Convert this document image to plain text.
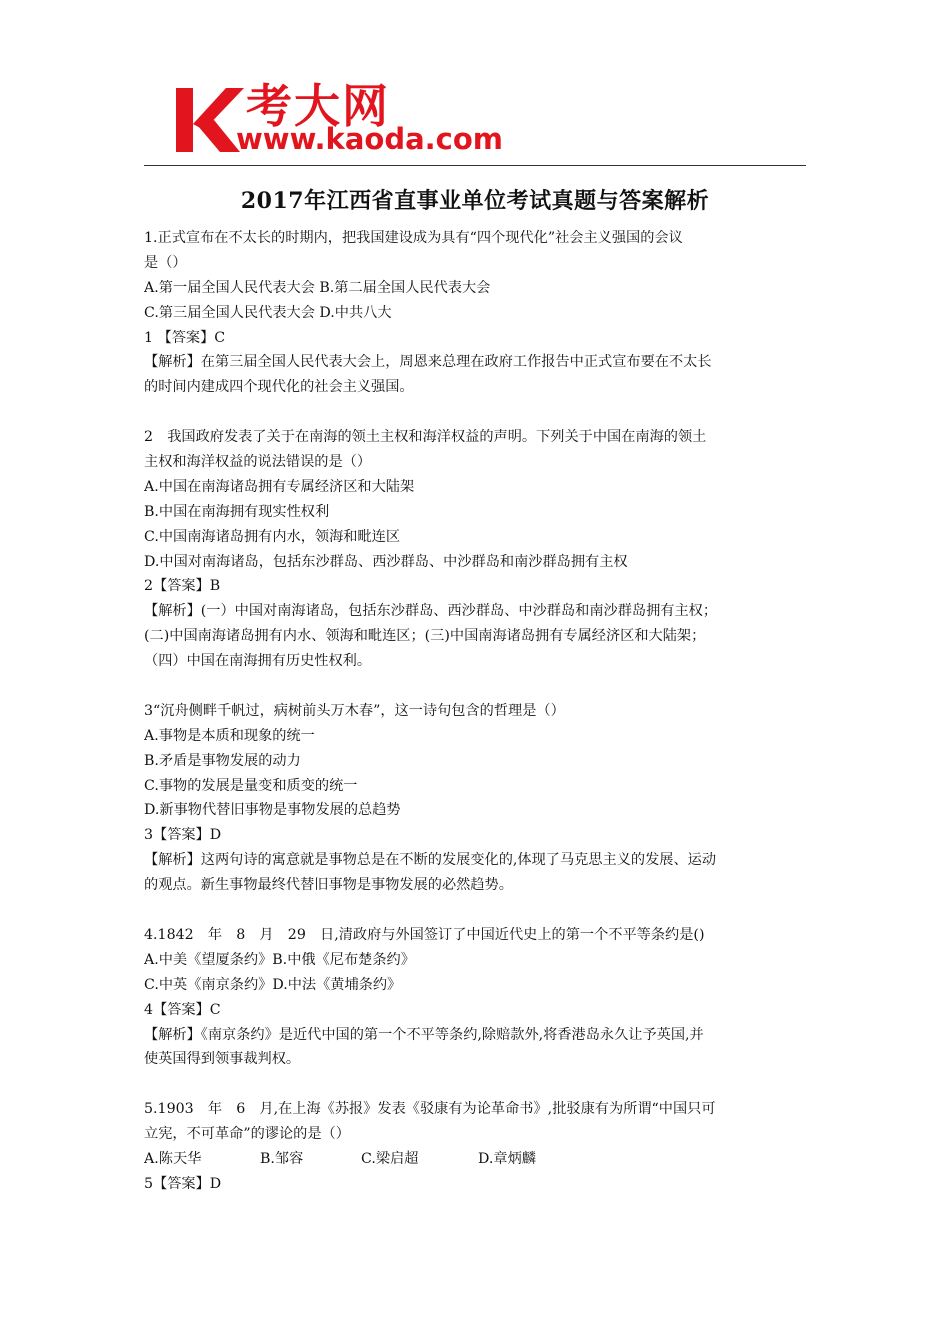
考大网
www.kaoda.com
2017年江西省直事业单位考试真题与答案解析
1.正式宣布在不太长的时期内，把我国建设成为具有“四个现代化”社会主义强国的会议
是（）
A.第一届全国人民代表大会 B.第二届全国人民代表大会
C.第三届全国人民代表大会 D.中共八大
1 【答案】C
【解析】在第三届全国人民代表大会上，周恩来总理在政府工作报告中正式宣布要在不太长
的时间内建成四个现代化的社会主义强国。
2　我国政府发表了关于在南海的领土主权和海洋权益的声明。下列关于中国在南海的领土
主权和海洋权益的说法错误的是（）
A.中国在南海诸岛拥有专属经济区和大陆架
B.中国在南海拥有现实性权利
C.中国南海诸岛拥有内水，领海和毗连区
D.中国对南海诸岛，包括东沙群岛、西沙群岛、中沙群岛和南沙群岛拥有主权
2【答案】B
【解析】(一）中国对南海诸岛，包括东沙群岛、西沙群岛、中沙群岛和南沙群岛拥有主权；
(二)中国南海诸岛拥有内水、领海和毗连区；(三)中国南海诸岛拥有专属经济区和大陆架；
（四）中国在南海拥有历史性权利。
3“沉舟侧畔千帆过，病树前头万木春”，这一诗句包含的哲理是（）
A.事物是本质和现象的统一
B.矛盾是事物发展的动力
C.事物的发展是量变和质变的统一
D.新事物代替旧事物是事物发展的总趋势
3【答案】D
【解析】这两句诗的寓意就是事物总是在不断的发展变化的,体现了马克思主义的发展、运动
的观点。新生事物最终代替旧事物是事物发展的必然趋势。
4.1842　年　8　月　29　日,清政府与外国签订了中国近代史上的第一个不平等条约是()
A.中美《望厦条约》B.中俄《尼布楚条约》
C.中英《南京条约》D.中法《黄埔条约》
4【答案】C
【解析】《南京条约》是近代中国的第一个不平等条约,除赔款外,将香港岛永久让予英国,并
使英国得到领事裁判权。
5.1903　年　6　月,在上海《苏报》发表《驳康有为论革命书》,批驳康有为所谓“中国只可
立宪，不可革命”的谬论的是（）
A.陈天华	B.邹容	C.梁启超	D.章炳麟
5【答案】D
